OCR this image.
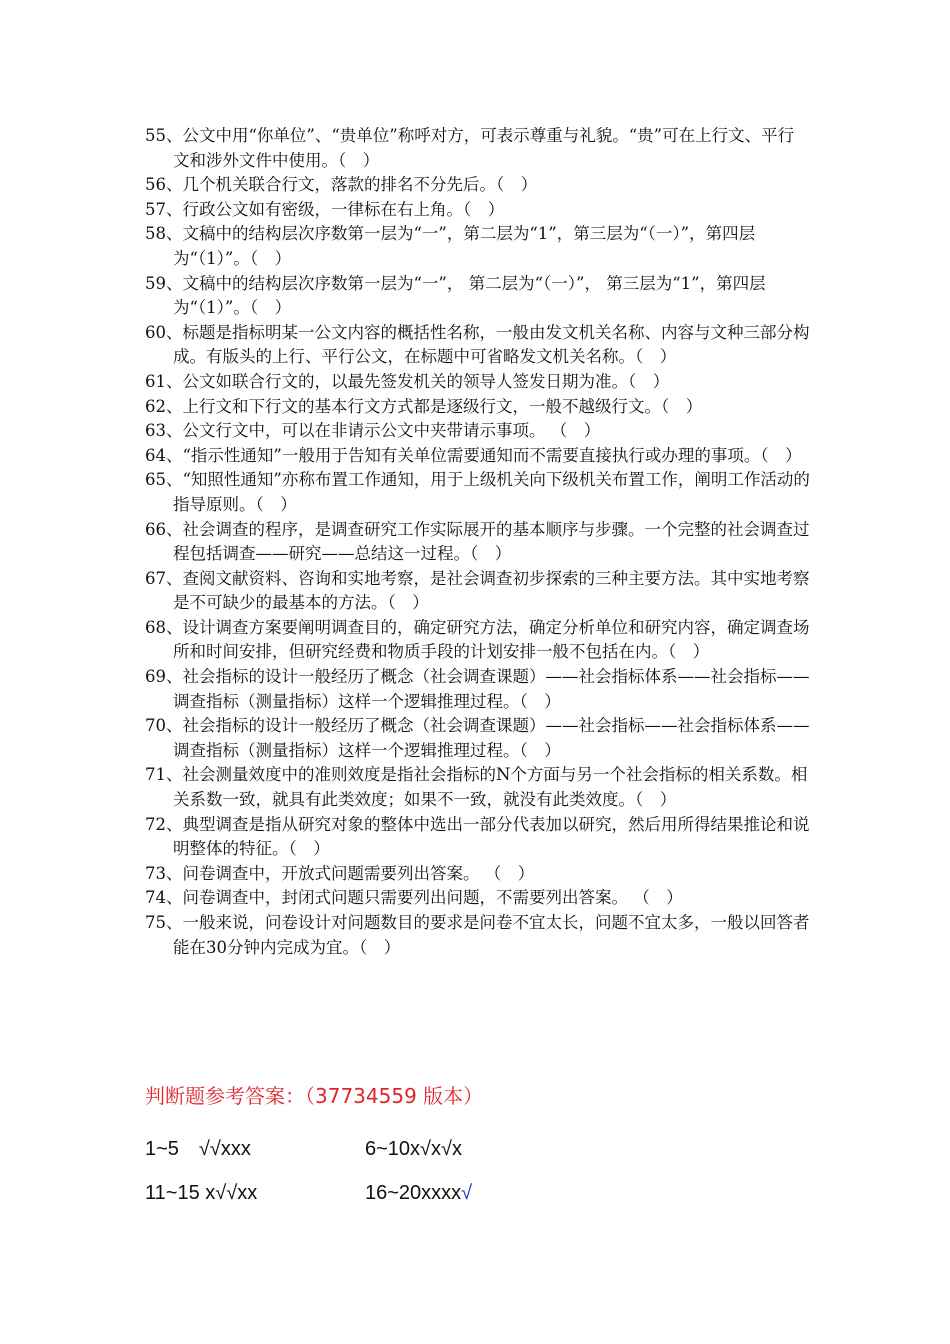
55、公文中用“你单位”、“贵单位”称呼对方，可表示尊重与礼貌。“贵”可在上行文、平行文和涉外文件中使用。（　）
56、几个机关联合行文，落款的排名不分先后。（　）
57、行政公文如有密级，一律标在右上角。（　）
58、文稿中的结构层次序数第一层为“一”，第二层为“1”，第三层为“（一）”，第四层为“（1）”。（　）
59、文稿中的结构层次序数第一层为“一”， 第二层为“（一）”， 第三层为“1”，第四层为“（1）”。（　）
60、标题是指标明某一公文内容的概括性名称，一般由发文机关名称、内容与文种三部分构成。有版头的上行、平行公文，在标题中可省略发文机关名称。（　）
61、公文如联合行文的，以最先签发机关的领导人签发日期为准。（　）
62、上行文和下行文的基本行文方式都是逐级行文，一般不越级行文。（　）
63、公文行文中，可以在非请示公文中夹带请示事项。 （　）
64、“指示性通知”一般用于告知有关单位需要通知而不需要直接执行或办理的事项。（　）
65、“知照性通知”亦称布置工作通知，用于上级机关向下级机关布置工作，阐明工作活动的指导原则。（　）
66、社会调查的程序，是调查研究工作实际展开的基本顺序与步骤。一个完整的社会调查过程包括调查——研究——总结这一过程。（　）
67、查阅文献资料、咨询和实地考察，是社会调查初步探索的三种主要方法。其中实地考察是不可缺少的最基本的方法。（　）
68、设计调查方案要阐明调查目的，确定研究方法，确定分析单位和研究内容，确定调查场所和时间安排，但研究经费和物质手段的计划安排一般不包括在内。（　）
69、社会指标的设计一般经历了概念（社会调查课题）——社会指标体系——社会指标——调查指标（测量指标）这样一个逻辑推理过程。（　）
70、社会指标的设计一般经历了概念（社会调查课题）——社会指标——社会指标体系——调查指标（测量指标）这样一个逻辑推理过程。（　）
71、社会测量效度中的准则效度是指社会指标的N个方面与另一个社会指标的相关系数。相关系数一致，就具有此类效度；如果不一致，就没有此类效度。（　）
72、典型调查是指从研究对象的整体中选出一部分代表加以研究，然后用所得结果推论和说明整体的特征。（　）
73、问卷调查中，开放式问题需要列出答案。 （　）
74、问卷调查中，封闭式问题只需要列出问题，不需要列出答案。 （　）
75、一般来说，问卷设计对问题数目的要求是问卷不宜太长，问题不宜太多，一般以回答者能在30分钟内完成为宜。（　）
判断题参考答案：（37734559 版本）
1~5　√√xxx	6~10x√x√x
11~15 x√√xx	16~20xxxx√
